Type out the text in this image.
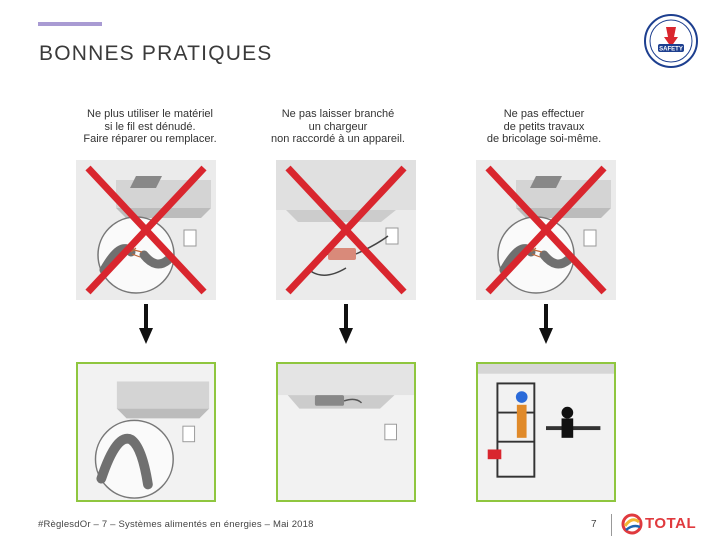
BONNES PRATIQUES	SAFETY
Ne plus utiliser le matériel
si le fil est dénudé.
Faire réparer ou remplacer.
Ne pas laisser branché
un chargeur
non raccordé à un appareil.
Ne pas effectuer
de petits travaux
de bricolage soi-même.
#RèglesdOr – 7 – Systèmes alimentés en énergies – Mai 2018	7	TOTAL
